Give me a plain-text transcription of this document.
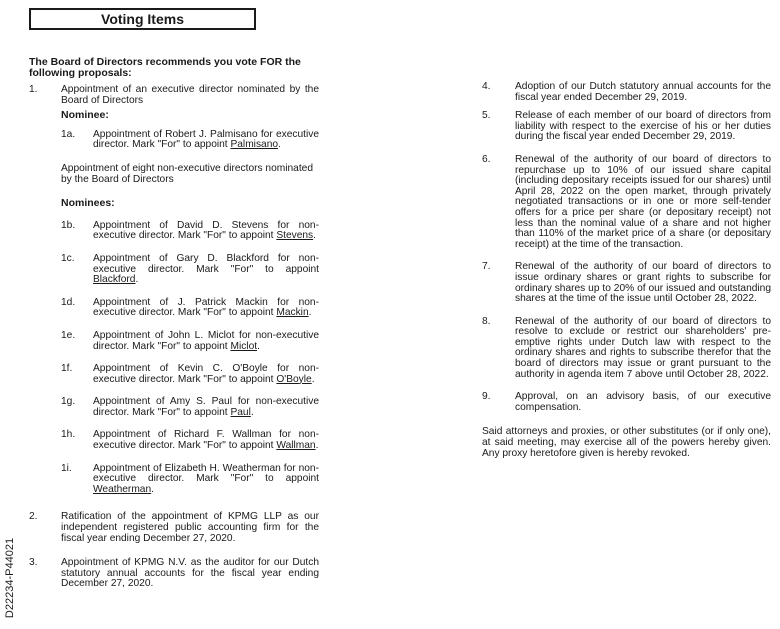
Voting Items
The Board of Directors recommends you vote FOR the following proposals:
1.	Appointment of an executive director nominated by the Board of Directors
Nominee:
1a.	Appointment of Robert J. Palmisano for executive director. Mark "For" to appoint Palmisano.
Appointment of eight non-executive directors nominated by the Board of Directors
Nominees:
1b.	Appointment of David D. Stevens for non-executive director. Mark "For" to appoint Stevens.
1c.	Appointment of Gary D. Blackford for non-executive director. Mark "For" to appoint Blackford.
1d.	Appointment of J. Patrick Mackin for non-executive director. Mark "For" to appoint Mackin.
1e.	Appointment of John L. Miclot for non-executive director. Mark "For" to appoint Miclot.
1f.	Appointment of Kevin C. O'Boyle for non-executive director. Mark "For" to appoint O'Boyle.
1g.	Appointment of Amy S. Paul for non-executive director. Mark "For" to appoint Paul.
1h.	Appointment of Richard F. Wallman for non-executive director. Mark "For" to appoint Wallman.
1i.	Appointment of Elizabeth H. Weatherman for non-executive director. Mark "For" to appoint Weatherman.
2.	Ratification of the appointment of KPMG LLP as our independent registered public accounting firm for the fiscal year ending December 27, 2020.
3.	Appointment of KPMG N.V. as the auditor for our Dutch statutory annual accounts for the fiscal year ending December 27, 2020.
4.	Adoption of our Dutch statutory annual accounts for the fiscal year ended December 29, 2019.
5.	Release of each member of our board of directors from liability with respect to the exercise of his or her duties during the fiscal year ended December 29, 2019.
6.	Renewal of the authority of our board of directors to repurchase up to 10% of our issued share capital (including depositary receipts issued for our shares) until April 28, 2022 on the open market, through privately negotiated transactions or in one or more self-tender offers for a price per share (or depositary receipt) not less than the nominal value of a share and not higher than 110% of the market price of a share (or depositary receipt) at the time of the transaction.
7.	Renewal of the authority of our board of directors to issue ordinary shares or grant rights to subscribe for ordinary shares up to 20% of our issued and outstanding shares at the time of the issue until October 28, 2022.
8.	Renewal of the authority of our board of directors to resolve to exclude or restrict our shareholders' pre-emptive rights under Dutch law with respect to the ordinary shares and rights to subscribe therefor that the board of directors may issue or grant pursuant to the authority in agenda item 7 above until October 28, 2022.
9.	Approval, on an advisory basis, of our executive compensation.
Said attorneys and proxies, or other substitutes (or if only one), at said meeting, may exercise all of the powers hereby given. Any proxy heretofore given is hereby revoked.
D22234-P44021
